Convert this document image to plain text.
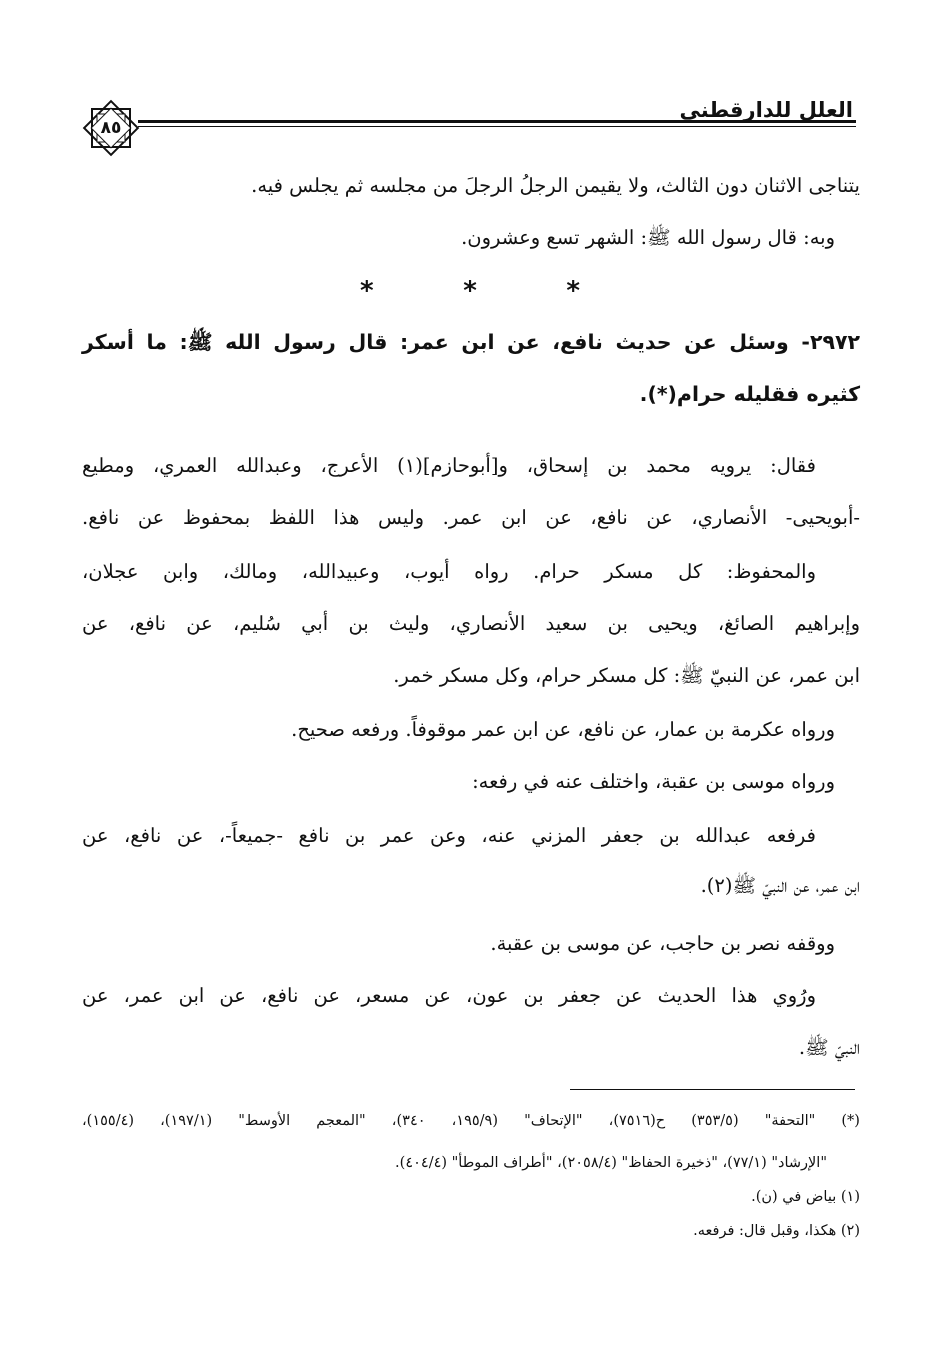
العلل للدارقطني
٨٥
يتناجى الاثنان دون الثالث، ولا يقيمن الرجلُ الرجلَ من مجلسه ثم يجلس فيه.
وبه: قال رسول الله ﷺ: الشهر تسع وعشرون.
*	*	*
٢٩٧٢- وسئل عن حديث نافع، عن ابن عمر: قال رسول الله ﷺ: ما أسكر
كثيره فقليله حرام(*).
فقال: يرويه محمد بن إسحاق، و[أبوحازم](١) الأعرج، وعبدالله العمري، ومطيع
-أبويحيى- الأنصاري، عن نافع، عن ابن عمر. وليس هذا اللفظ بمحفوظ عن نافع.
والمحفوظ: كل مسكر حرام. رواه أيوب، وعبيدالله، ومالك، وابن عجلان،
وإبراهيم الصائغ، ويحيى بن سعيد الأنصاري، وليث بن أبي سُليم، عن نافع، عن
ابن عمر، عن النبيّ ﷺ: كل مسكر حرام، وكل مسكر خمر.
ورواه عكرمة بن عمار، عن نافع، عن ابن عمر موقوفاً. ورفعه صحيح.
ورواه موسى بن عقبة، واختلف عنه في رفعه:
فرفعه عبدالله بن جعفر المزني عنه، وعن عمر بن نافع -جميعاً-، عن نافع، عن
ابن عمر، عن النبيّ ﷺ(٢).
ووقفه نصر بن حاجب، عن موسى بن عقبة.
ورُوي هذا الحديث عن جعفر بن عون، عن مسعر، عن نافع، عن ابن عمر، عن
النبيّ ﷺ.
(*) "التحفة" (٣٥٣/٥) ح(٧٥١٦)، "الإتحاف" (١٩٥/٩، ٣٤٠)، "المعجم الأوسط" (١٩٧/١)، (١٥٥/٤)،
"الإرشاد" (٧٧/١)، "ذخيرة الحفاظ" (٢٠٥٨/٤)، "أطراف الموطأ" (٤٠٤/٤).
(١) بياض في (ن).
(٢) هكذا، وقبل قال: فرفعه.
